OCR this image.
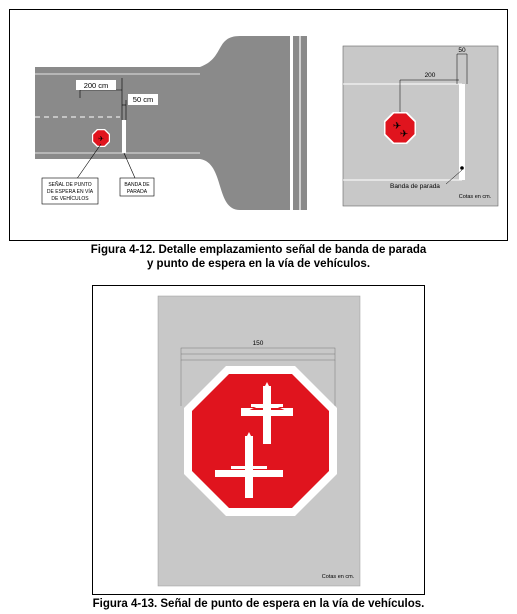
✈
200 cm
50 cm
SEÑAL DE PUNTO
DE ESPERA EN VÍA
DE VEHÍCULOS
BANDA DE
PARADA
✈
✈
200
50
Banda de parada
Cotas en cm.
Figura 4-12. Detalle emplazamiento señal de banda de parada
y punto de espera en la vía de vehículos.
150
Cotas en cm.
Figura 4-13. Señal de punto de espera en la vía de vehículos.
